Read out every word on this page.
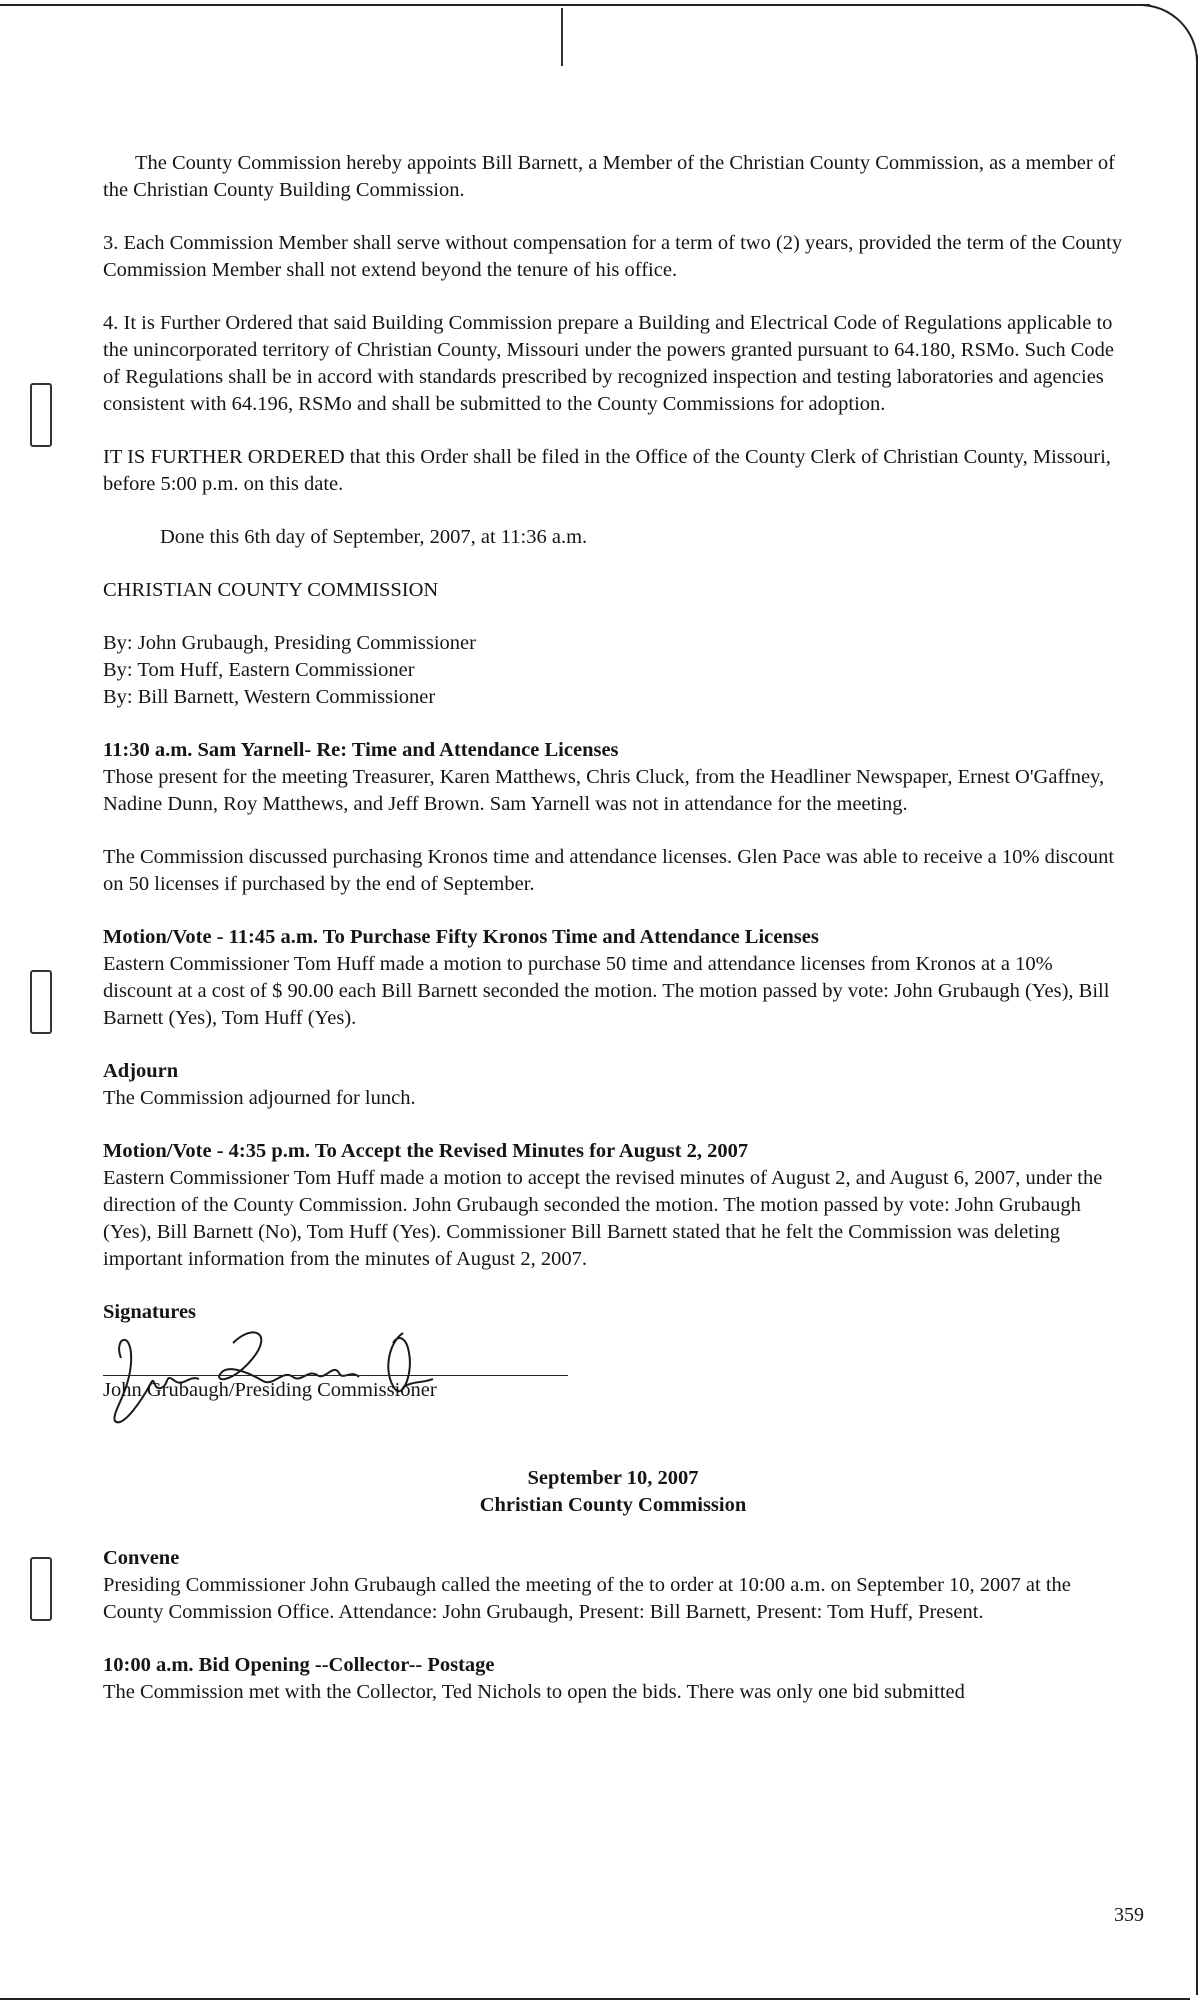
The County Commission hereby appoints Bill Barnett, a Member of the Christian County Commission, as a member of the Christian County Building Commission.

3. Each Commission Member shall serve without compensation for a term of two (2) years, provided the term of the County Commission Member shall not extend beyond the tenure of his office.

4. It is Further Ordered that said Building Commission prepare a Building and Electrical Code of Regulations applicable to the unincorporated territory of Christian County, Missouri under the powers granted pursuant to 64.180, RSMo. Such Code of Regulations shall be in accord with standards prescribed by recognized inspection and testing laboratories and agencies consistent with 64.196, RSMo and shall be submitted to the County Commissions for adoption.

IT IS FURTHER ORDERED that this Order shall be filed in the Office of the County Clerk of Christian County, Missouri, before 5:00 p.m. on this date.

Done this 6th day of September, 2007, at 11:36 a.m.

CHRISTIAN COUNTY COMMISSION

By: John Grubaugh, Presiding Commissioner
By: Tom Huff, Eastern Commissioner
By: Bill Barnett, Western Commissioner
11:30 a.m. Sam Yarnell- Re: Time and Attendance Licenses

Those present for the meeting Treasurer, Karen Matthews, Chris Cluck, from the Headliner Newspaper, Ernest O'Gaffney, Nadine Dunn, Roy Matthews, and Jeff Brown. Sam Yarnell was not in attendance for the meeting.

The Commission discussed purchasing Kronos time and attendance licenses. Glen Pace was able to receive a 10% discount on 50 licenses if purchased by the end of September.

Motion/Vote - 11:45 a.m. To Purchase Fifty Kronos Time and Attendance Licenses

Eastern Commissioner Tom Huff made a motion to purchase 50 time and attendance licenses from Kronos at a 10% discount at a cost of $ 90.00 each Bill Barnett seconded the motion. The motion passed by vote: John Grubaugh (Yes), Bill Barnett (Yes), Tom Huff (Yes).

Adjourn

The Commission adjourned for lunch.

Motion/Vote - 4:35 p.m. To Accept the Revised Minutes for August 2, 2007

Eastern Commissioner Tom Huff made a motion to accept the revised minutes of August 2, and August 6, 2007, under the direction of the County Commission. John Grubaugh seconded the motion. The motion passed by vote: John Grubaugh (Yes), Bill Barnett (No), Tom Huff (Yes). Commissioner Bill Barnett stated that he felt the Commission was deleting important information from the minutes of August 2, 2007.

Signatures
John Grubaugh/Presiding Commissioner
September 10, 2007

Christian County Commission

Convene

Presiding Commissioner John Grubaugh called the meeting of the to order at 10:00 a.m. on September 10, 2007 at the County Commission Office. Attendance: John Grubaugh, Present: Bill Barnett, Present: Tom Huff, Present.

10:00 a.m. Bid Opening --Collector-- Postage

The Commission met with the Collector, Ted Nichols to open the bids. There was only one bid submitted

359
